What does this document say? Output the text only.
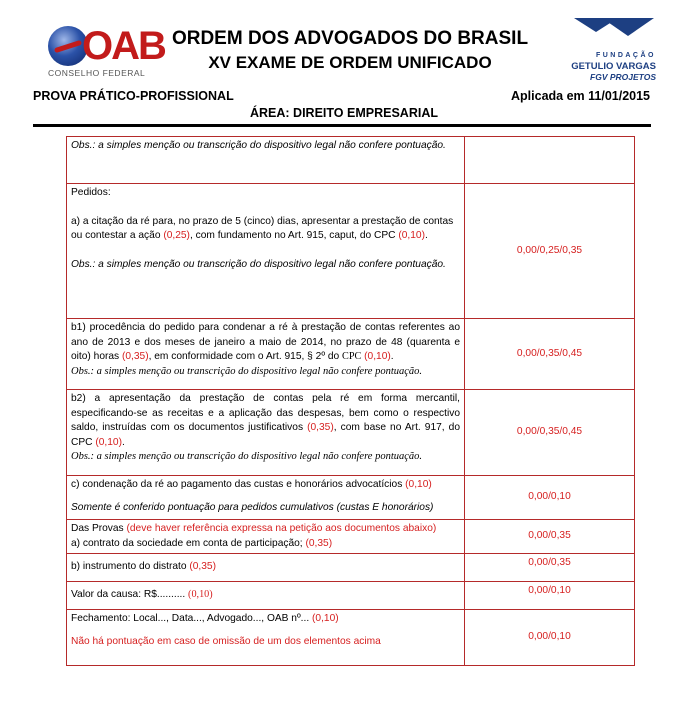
OAB
CONSELHO FEDERAL
ORDEM DOS ADVOGADOS DO BRASIL
XV EXAME DE ORDEM UNIFICADO	FUNDAÇÃO
GETULIO VARGAS
FGV PROJETOS
PROVA PRÁTICO-PROFISSIONAL	Aplicada em 11/01/2015
ÁREA: DIREITO EMPRESARIAL

Obs.: a simples menção ou transcrição do dispositivo legal não confere pontuação.	

Pedidos:

a) a citação da ré para, no prazo de 5 (cinco) dias, apresentar a prestação de contas ou contestar a ação (0,25), com fundamento no Art. 915, caput, do CPC (0,10).

Obs.: a simples menção ou transcrição do dispositivo legal não confere pontuação.	0,00/0,25/0,35

b1) procedência do pedido para condenar a ré à prestação de contas referentes ao ano de 2013 e dos meses de janeiro a maio de 2014, no prazo de 48 (quarenta e oito) horas (0,35), em conformidade com o Art. 915, § 2º do CPC (0,10).

Obs.: a simples menção ou transcrição do dispositivo legal não confere pontuação.	0,00/0,35/0,45

b2) a apresentação da prestação de contas pela ré em forma mercantil, especificando-se as receitas e a aplicação das despesas, bem como o respectivo saldo, instruídas com os documentos justificativos (0,35), com base no Art. 917, do CPC (0,10).

Obs.: a simples menção ou transcrição do dispositivo legal não confere pontuação.	0,00/0,35/0,45

c) condenação da ré ao pagamento das custas e honorários advocatícios (0,10)

Somente é conferido pontuação para pedidos cumulativos (custas E honorários)	0,00/0,10

Das Provas (deve haver referência expressa na petição aos documentos abaixo)

a) contrato da sociedade em conta de participação; (0,35)	0,00/0,35

b) instrumento do distrato (0,35)	0,00/0,35

Valor da causa: R$.......... (0,10)	0,00/0,10

Fechamento: Local..., Data..., Advogado..., OAB nº... (0,10)

Não há pontuação em caso de omissão de um dos elementos acima	0,00/0,10
